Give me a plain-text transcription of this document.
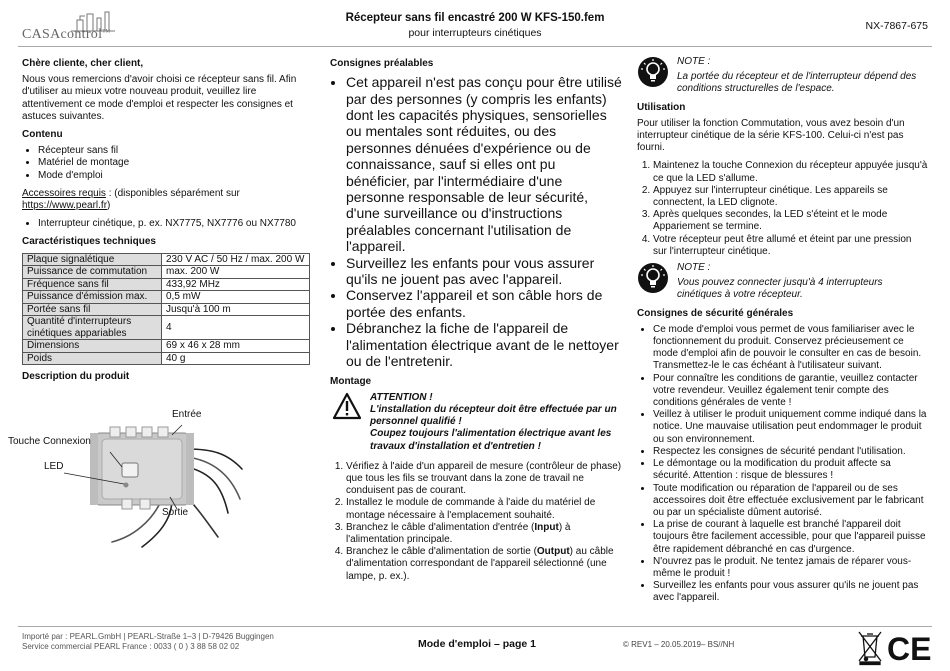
CASAcontrol™
Récepteur sans fil encastré 200 W KFS-150.fem
pour interrupteurs cinétiques
NX-7867-675
Chère cliente, cher client,

Nous vous remercions d'avoir choisi ce récepteur sans fil. Afin d'utiliser au mieux votre nouveau produit, veuillez lire attentivement ce mode d'emploi et respecter les consignes et astuces suivantes.

Contenu
• Récepteur sans fil
• Matériel de montage
• Mode d'emploi

Accessoires requis : (disponibles séparément sur https://www.pearl.fr)

• Interrupteur cinétique, p. ex. NX7775, NX7776 ou NX7780
Caractéristiques techniques
Plaque signalétique	230 V AC / 50 Hz / max. 200 W
Puissance de commutation	max. 200 W
Fréquence sans fil	433,92 MHz
Puissance d'émission max.	0,5 mW
Portée sans fil	Jusqu'à 100 m
Quantité d'interrupteurs cinétiques appariables	4
Dimensions	69 x 46 x 28 mm
Poids	40 g
Description du produit
Entrée
Touche Connexion
LED
Sortie
Consignes préalables
• Cet appareil n'est pas conçu pour être utilisé par des personnes (y compris les enfants) dont les capacités physiques, sensorielles ou mentales sont réduites, ou des personnes dénuées d'expérience ou de connaissance, sauf si elles ont pu bénéficier, par l'intermédiaire d'une personne responsable de leur sécurité, d'une surveillance ou d'instructions préalables concernant l'utilisation de l'appareil.
• Surveillez les enfants pour vous assurer qu'ils ne jouent pas avec l'appareil.
• Conservez l'appareil et son câble hors de portée des enfants.
• Débranchez la fiche de l'appareil de l'alimentation électrique avant de le nettoyer ou de l'entretenir.
Montage
ATTENTION !
L'installation du récepteur doit être effectuée par un personnel qualifié !
Coupez toujours l'alimentation électrique avant les travaux d'installation et d'entretien !
1. Vérifiez à l'aide d'un appareil de mesure (contrôleur de phase) que tous les fils se trouvant dans la zone de travail ne conduisent pas de courant.
2. Installez le module de commande à l'aide du matériel de montage nécessaire à l'emplacement souhaité.
3. Branchez le câble d'alimentation d'entrée (Input) à l'alimentation principale.
4. Branchez le câble d'alimentation de sortie (Output) au câble d'alimentation correspondant de l'appareil sélectionné (une lampe, p. ex.).
NOTE :
La portée du récepteur et de l'interrupteur dépend des conditions structurelles de l'espace.
Utilisation

Pour utiliser la fonction Commutation, vous avez besoin d'un interrupteur cinétique de la série KFS-100. Celui-ci n'est pas fourni.

1. Maintenez la touche Connexion du récepteur appuyée jusqu'à ce que la LED s'allume.
2. Appuyez sur l'interrupteur cinétique. Les appareils se connectent, la LED clignote.
3. Après quelques secondes, la LED s'éteint et le mode Appariement se termine.
4. Votre récepteur peut être allumé et éteint par une pression sur l'interrupteur cinétique.
NOTE :
Vous pouvez connecter jusqu'à 4 interrupteurs cinétiques à votre récepteur.
Consignes de sécurité générales
• Ce mode d'emploi vous permet de vous familiariser avec le fonctionnement du produit. Conservez précieusement ce mode d'emploi afin de pouvoir le consulter en cas de besoin. Transmettez-le le cas échéant à l'utilisateur suivant.
• Pour connaître les conditions de garantie, veuillez contacter votre revendeur. Veuillez également tenir compte des conditions générales de vente !
• Veillez à utiliser le produit uniquement comme indiqué dans la notice. Une mauvaise utilisation peut endommager le produit ou son environnement.
• Respectez les consignes de sécurité pendant l'utilisation.
• Le démontage ou la modification du produit affecte sa sécurité. Attention : risque de blessures !
• Toute modification ou réparation de l'appareil ou de ses accessoires doit être effectuée exclusivement par le fabricant ou par un spécialiste dûment autorisé.
• La prise de courant à laquelle est branché l'appareil doit toujours être facilement accessible, pour que l'appareil puisse être rapidement débranché en cas d'urgence.
• N'ouvrez pas le produit. Ne tentez jamais de réparer vous-même le produit !
• Surveillez les enfants pour vous assurer qu'ils ne jouent pas avec l'appareil.
Importé par : PEARL.GmbH | PEARL-Straße 1–3 | D-79426 Buggingen
Service commercial PEARL France : 0033 ( 0 ) 3 88 58 02 02	Mode d'emploi – page 1	© REV1 – 20.05.2019– BS//NH	CE
